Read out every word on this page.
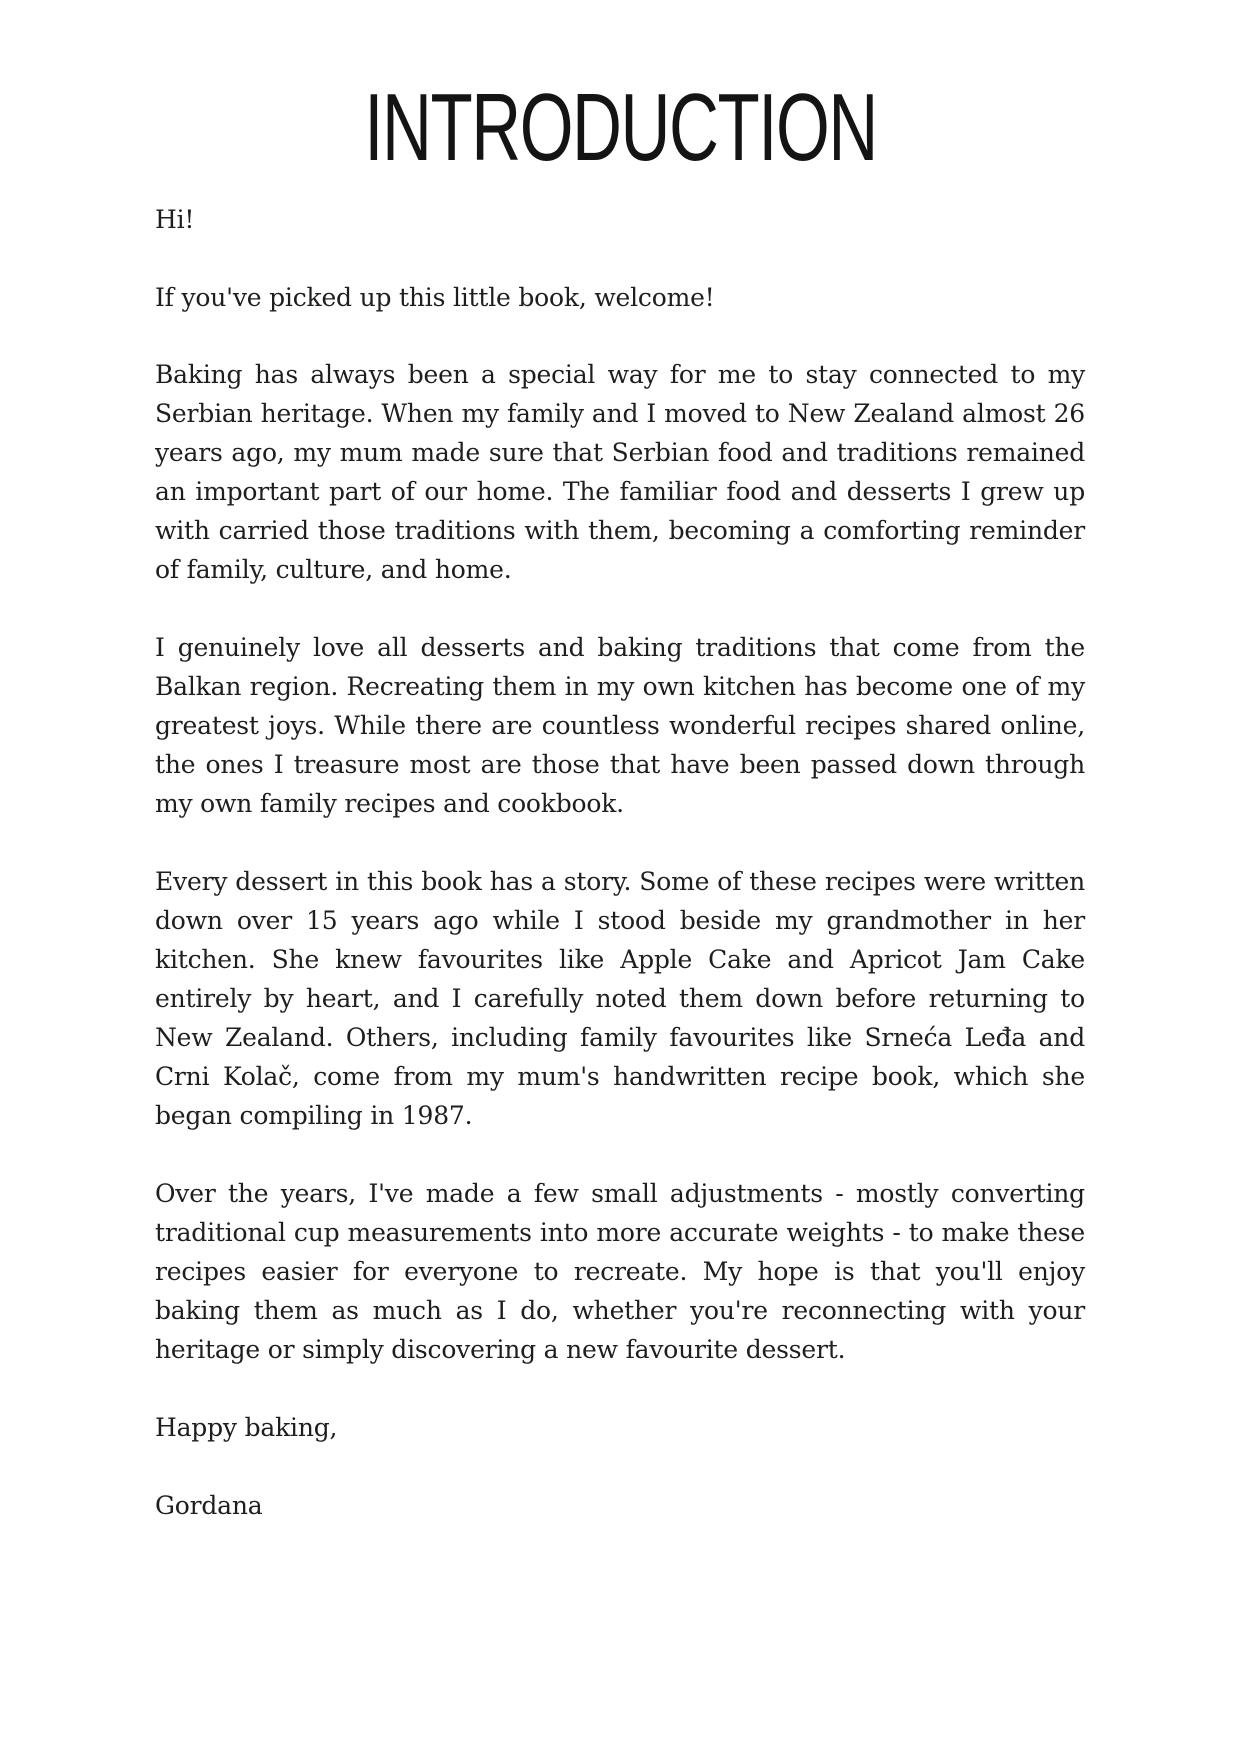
INTRODUCTION

Hi!

If you've picked up this little book, welcome!

Baking has always been a special way for me to stay connected to my Serbian heritage. When my family and I moved to New Zealand almost 26 years ago, my mum made sure that Serbian food and traditions remained an important part of our home. The familiar food and desserts I grew up with carried those traditions with them, becoming a comforting reminder of family, culture, and home.

I genuinely love all desserts and baking traditions that come from the Balkan region. Recreating them in my own kitchen has become one of my greatest joys. While there are countless wonderful recipes shared online, the ones I treasure most are those that have been passed down through my own family recipes and cookbook.

Every dessert in this book has a story. Some of these recipes were written down over 15 years ago while I stood beside my grandmother in her kitchen. She knew favourites like Apple Cake and Apricot Jam Cake entirely by heart, and I carefully noted them down before returning to New Zealand. Others, including family favourites like Srneća Leđa and Crni Kolač, come from my mum's handwritten recipe book, which she began compiling in 1987.

Over the years, I've made a few small adjustments - mostly converting traditional cup measurements into more accurate weights - to make these recipes easier for everyone to recreate. My hope is that you'll enjoy baking them as much as I do, whether you're reconnecting with your heritage or simply discovering a new favourite dessert.

Happy baking,

Gordana
